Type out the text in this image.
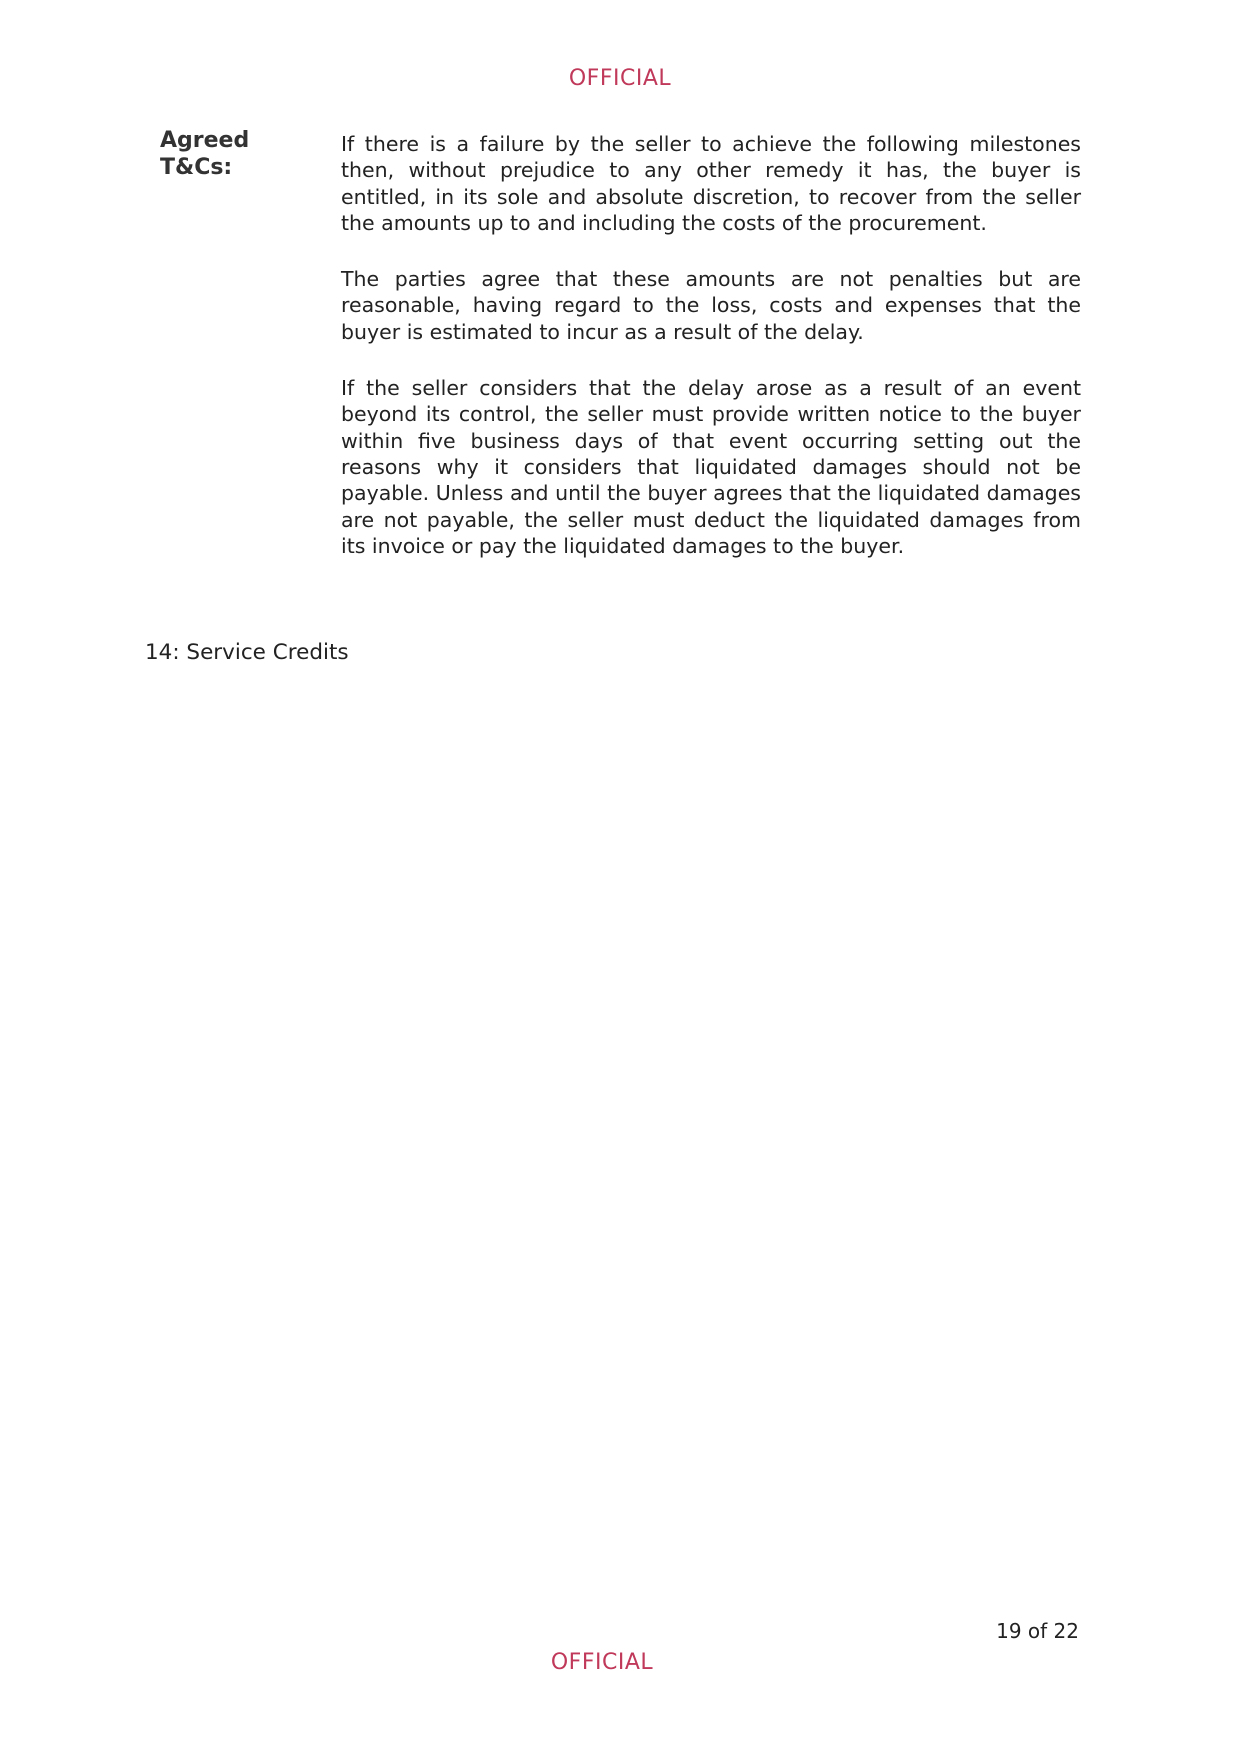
OFFICIAL
Agreed
T&Cs:

If there is a failure by the seller to achieve the following milestones then, without prejudice to any other remedy it has, the buyer is entitled, in its sole and absolute discretion, to recover from the seller the amounts up to and including the costs of the procurement.

The parties agree that these amounts are not penalties but are reasonable, having regard to the loss, costs and expenses that the buyer is estimated to incur as a result of the delay.

If the seller considers that the delay arose as a result of an event beyond its control, the seller must provide written notice to the buyer within five business days of that event occurring setting out the reasons why it considers that liquidated damages should not be payable. Unless and until the buyer agrees that the liquidated damages are not payable, the seller must deduct the liquidated damages from its invoice or pay the liquidated damages to the buyer.

14: Service Credits
19 of 22
OFFICIAL
